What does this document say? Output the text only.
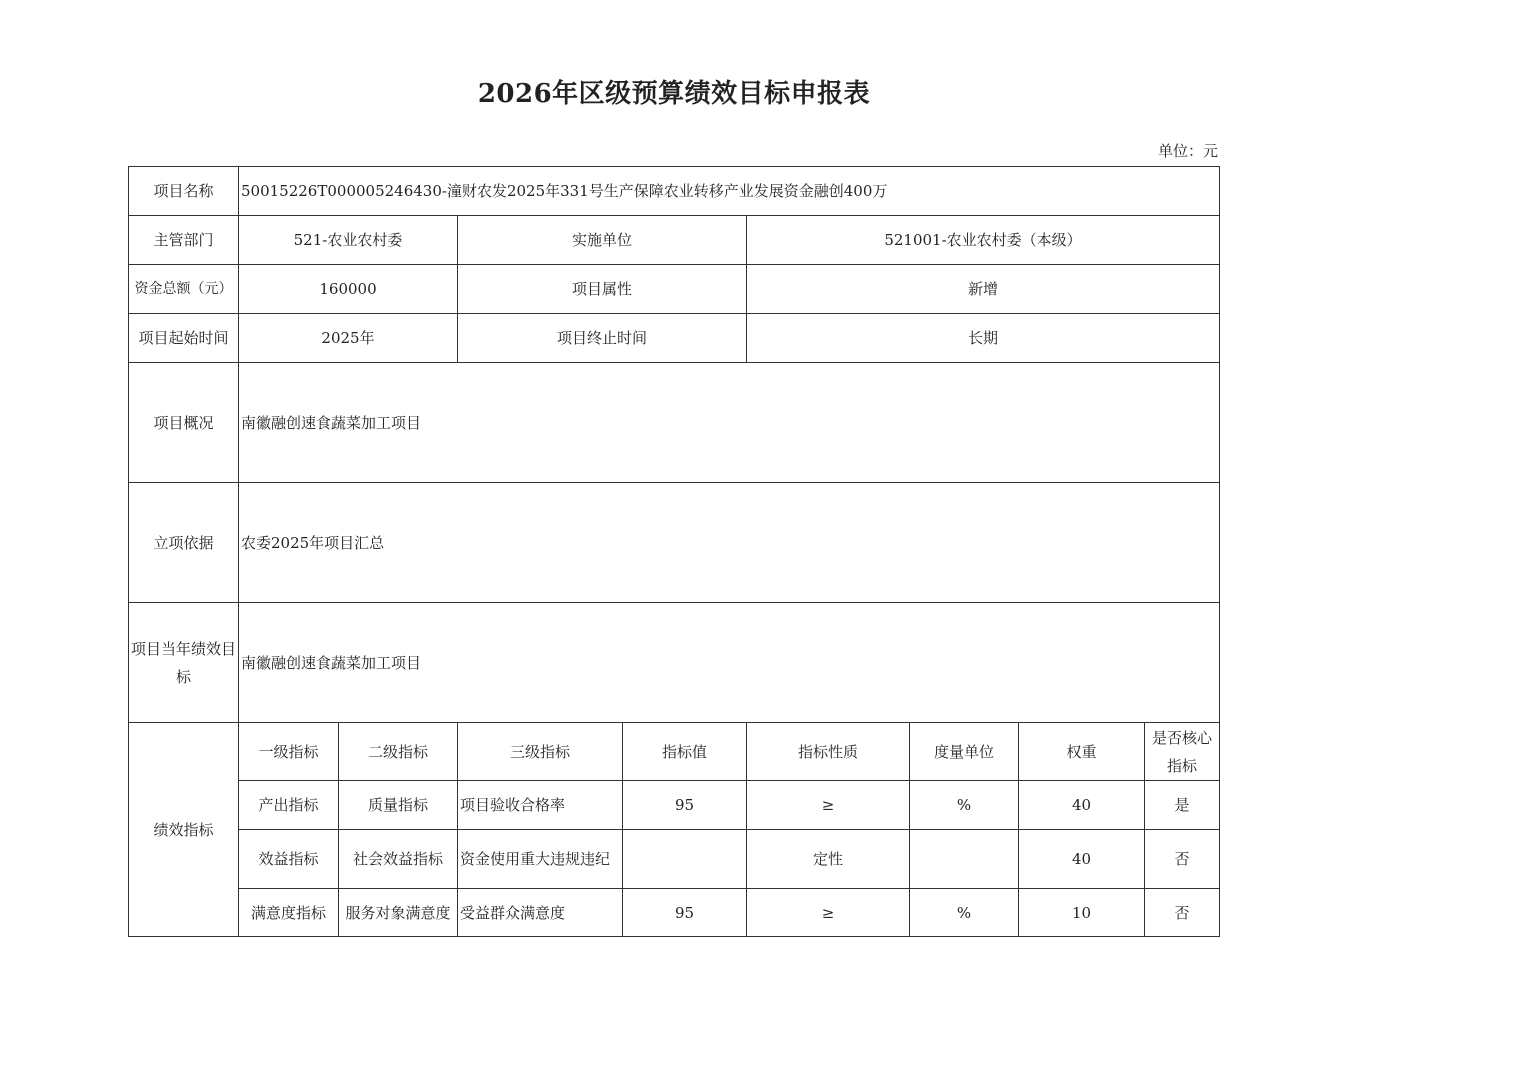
2026年区级预算绩效目标申报表
单位：元
项目名称	50015226T000005246430-潼财农发2025年331号生产保障农业转移产业发展资金融创400万							
主管部门	521-农业农村委		实施单位		521001-农业农村委（本级）			
资金总额（元）	160000		项目属性		新增			
项目起始时间	2025年		项目终止时间		长期			
项目概况	南徽融创速食蔬菜加工项目							
立项依据	农委2025年项目汇总							
项目当年绩效目标	南徽融创速食蔬菜加工项目							
绩效指标	一级指标	二级指标	三级指标	指标值	指标性质	度量单位	权重	是否核心指标
	产出指标	质量指标	项目验收合格率	95	≥	%	40	是
	效益指标	社会效益指标	资金使用重大违规违纪		定性		40	否
	满意度指标	服务对象满意度	受益群众满意度	95	≥	%	10	否
